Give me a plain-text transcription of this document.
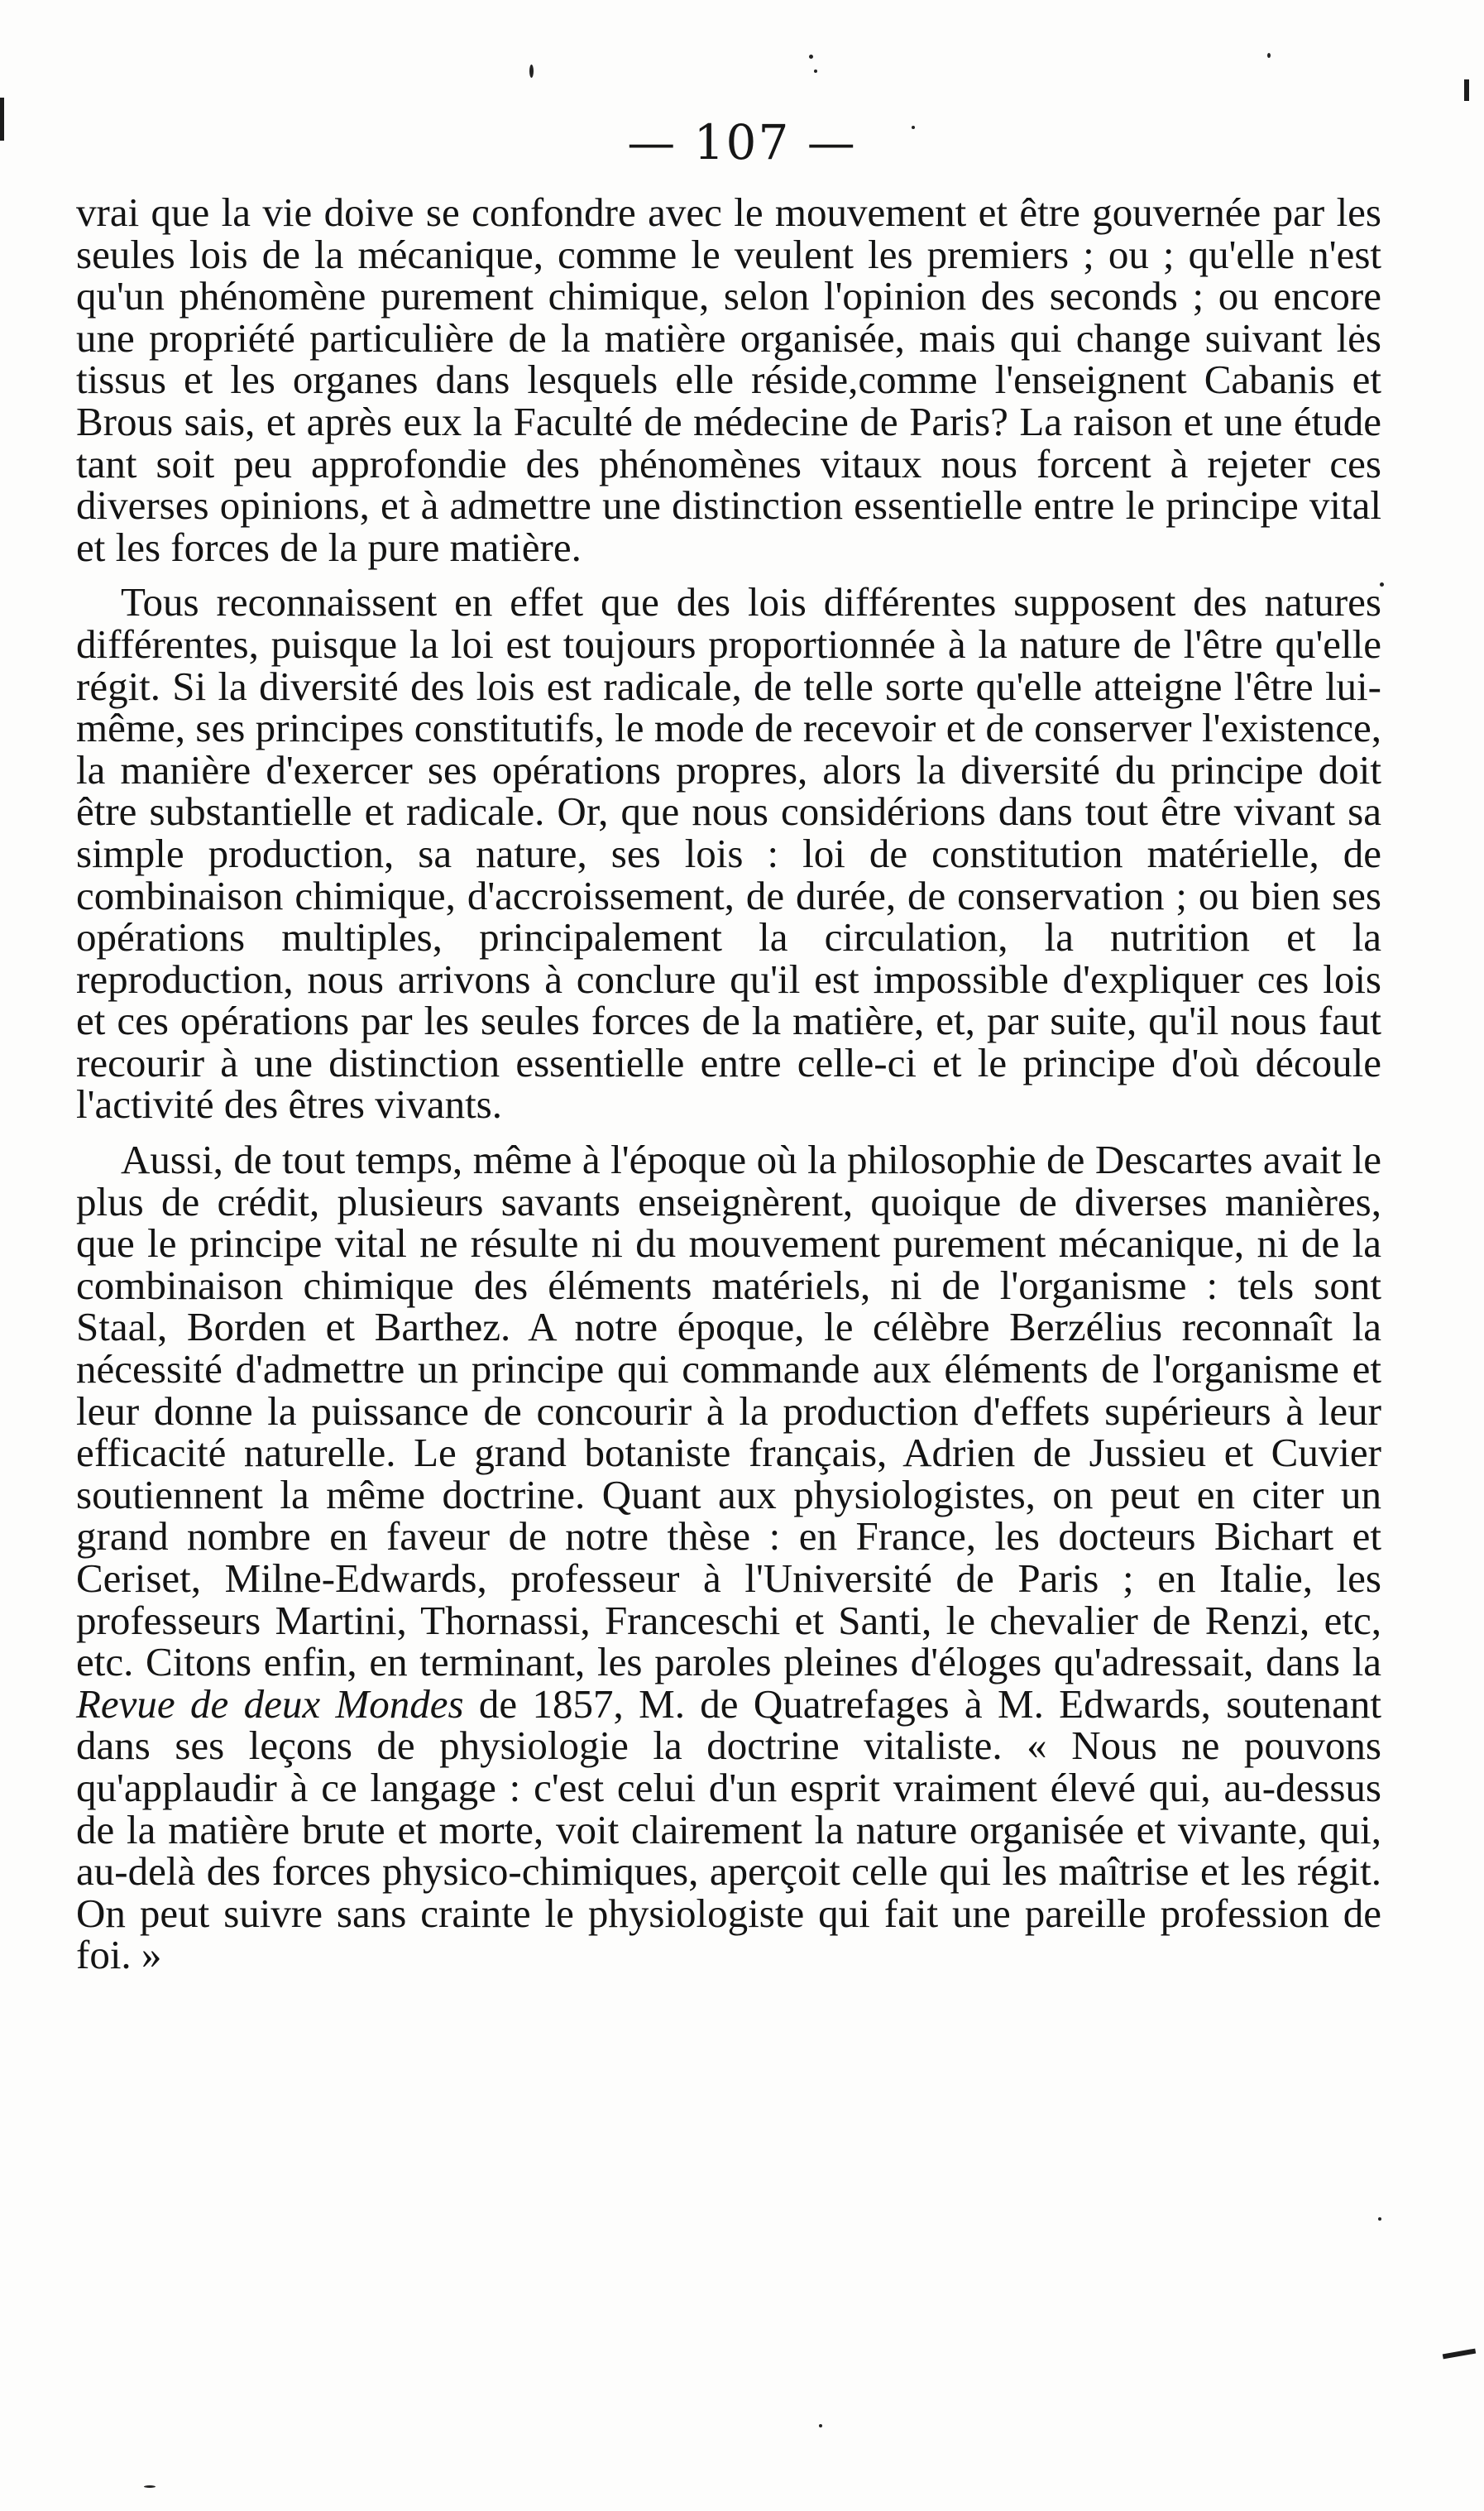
— 107 —

vrai que la vie doive se confondre avec le mouvement et être gouvernée par les seules lois de la mécanique, comme le veulent les premiers ; ou ; qu'elle n'est qu'un phénomène purement chimique, selon l'opinion des seconds ; ou encore une propriété particulière de la matière organisée, mais qui change suivant les tissus et les organes dans lesquels elle réside,comme l'enseignent Cabanis et Brous sais, et après eux la Faculté de médecine de Paris? La raison et une étude tant soit peu approfondie des phénomènes vitaux nous forcent à rejeter ces diverses opinions, et à admettre une distinction essentielle entre le principe vital et les forces de la pure matière.

Tous reconnaissent en effet que des lois différentes supposent des natures différentes, puisque la loi est toujours proportionnée à la nature de l'être qu'elle régit. Si la diversité des lois est radicale, de telle sorte qu'elle atteigne l'être lui-même, ses principes constitutifs, le mode de recevoir et de conserver l'existence, la manière d'exercer ses opérations propres, alors la diversité du principe doit être substantielle et radicale. Or, que nous considérions dans tout être vivant sa simple production, sa nature, ses lois : loi de constitution matérielle, de combinaison chimique, d'accroissement, de durée, de conservation ; ou bien ses opérations multiples, principalement la circulation, la nutrition et la reproduction, nous arrivons à conclure qu'il est impossible d'expliquer ces lois et ces opérations par les seules forces de la matière, et, par suite, qu'il nous faut recourir à une distinction essentielle entre celle-ci et le principe d'où découle l'activité des êtres vivants.

Aussi, de tout temps, même à l'époque où la philosophie de Descartes avait le plus de crédit, plusieurs savants enseignèrent, quoique de diverses manières, que le principe vital ne résulte ni du mouvement purement mécanique, ni de la combinaison chimique des éléments matériels, ni de l'organisme : tels sont Staal, Borden et Barthez. A notre époque, le célèbre Berzélius reconnaît la nécessité d'admettre un principe qui commande aux éléments de l'organisme et leur donne la puissance de concourir à la production d'effets supérieurs à leur efficacité naturelle. Le grand botaniste français, Adrien de Jussieu et Cuvier soutiennent la même doctrine. Quant aux physiologistes, on peut en citer un grand nombre en faveur de notre thèse : en France, les docteurs Bichart et Ceriset, Milne-Edwards, professeur à l'Université de Paris ; en Italie, les professeurs Martini, Thornassi, Franceschi et Santi, le chevalier de Renzi, etc, etc. Citons enfin, en terminant, les paroles pleines d'éloges qu'adressait, dans la Revue de deux Mondes de 1857, M. de Quatrefages à M. Edwards, soutenant dans ses leçons de physiologie la doctrine vitaliste. « Nous ne pouvons qu'applaudir à ce langage : c'est celui d'un esprit vraiment élevé qui, au-dessus de la matière brute et morte, voit clairement la nature organisée et vivante, qui, au-delà des forces physico-chimiques, aperçoit celle qui les maîtrise et les régit. On peut suivre sans crainte le physiologiste qui fait une pareille profession de foi. »
